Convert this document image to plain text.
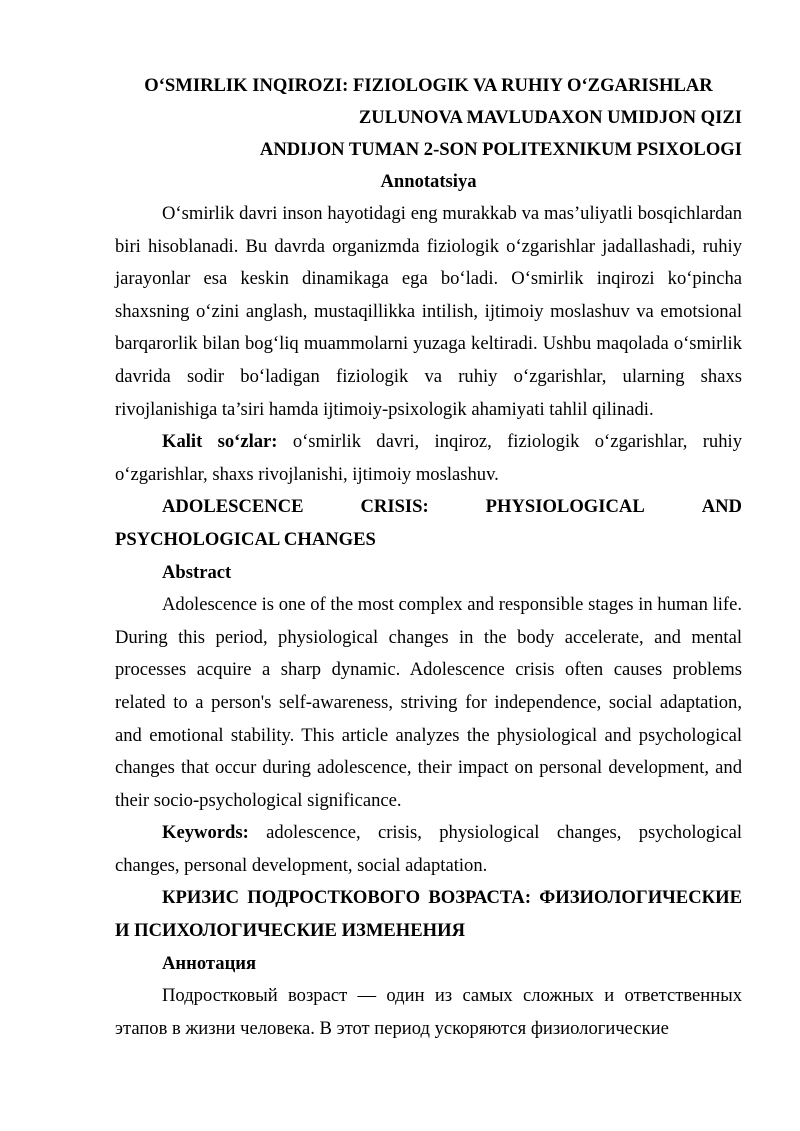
O‘SMIRLIK INQIROZI: FIZIOLOGIK VA RUHIY O‘ZGARISHLAR
ZULUNOVA MAVLUDAXON UMIDJON QIZI
ANDIJON TUMAN 2-SON POLITEXNIKUM PSIXOLOGI
Annotatsiya

O‘smirlik davri inson hayotidagi eng murakkab va mas’uliyatli bosqichlardan biri hisoblanadi. Bu davrda organizmda fiziologik o‘zgarishlar jadallashadi, ruhiy jarayonlar esa keskin dinamikaga ega bo‘ladi. O‘smirlik inqirozi ko‘pincha shaxsning o‘zini anglash, mustaqillikka intilish, ijtimoiy moslashuv va emotsional barqarorlik bilan bog‘liq muammolarni yuzaga keltiradi. Ushbu maqolada o‘smirlik davrida sodir bo‘ladigan fiziologik va ruhiy o‘zgarishlar, ularning shaxs rivojlanishiga ta’siri hamda ijtimoiy-psixologik ahamiyati tahlil qilinadi.

Kalit so‘zlar: o‘smirlik davri, inqiroz, fiziologik o‘zgarishlar, ruhiy o‘zgarishlar, shaxs rivojlanishi, ijtimoiy moslashuv.

ADOLESCENCE	CRISIS:	PHYSIOLOGICAL	AND
PSYCHOLOGICAL CHANGES

Abstract

Adolescence is one of the most complex and responsible stages in human life. During this period, physiological changes in the body accelerate, and mental processes acquire a sharp dynamic. Adolescence crisis often causes problems related to a person's self-awareness, striving for independence, social adaptation, and emotional stability. This article analyzes the physiological and psychological changes that occur during adolescence, their impact on personal development, and their socio-psychological significance.

Keywords: adolescence, crisis, physiological changes, psychological changes, personal development, social adaptation.

КРИЗИС ПОДРОСТКОВОГО ВОЗРАСТА: ФИЗИОЛОГИЧЕСКИЕ И ПСИХОЛОГИЧЕСКИЕ ИЗМЕНЕНИЯ

Аннотация

Подростковый возраст — один из самых сложных и ответственных этапов в жизни человека. В этот период ускоряются физиологические
